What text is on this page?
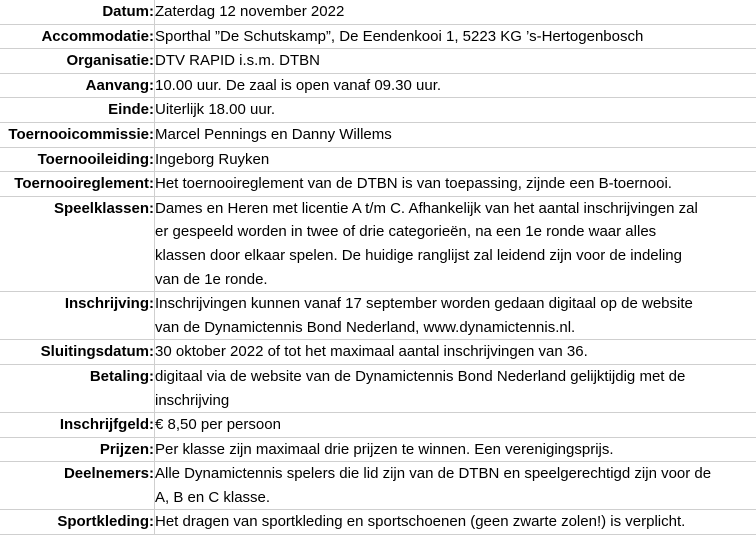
Datum:	Zaterdag 12 november 2022
Accommodatie:	Sporthal ”De Schutskamp”, De Eendenkooi 1, 5223 KG ’s-Hertogenbosch
Organisatie:	DTV RAPID i.s.m. DTBN
Aanvang:	10.00 uur. De zaal is open vanaf 09.30 uur.
Einde:	Uiterlijk 18.00 uur.
Toernooicommissie:	Marcel Pennings en Danny Willems
Toernooileiding:	Ingeborg Ruyken
Toernooireglement:	Het toernooireglement van de DTBN is van toepassing, zijnde een B-toernooi.
Speelklassen:	Dames en Heren met licentie A t/m C. Afhankelijk van het aantal inschrijvingen zal
er gespeeld worden in twee of drie categorieën, na een 1e ronde waar alles
klassen door elkaar spelen. De huidige ranglijst zal leidend zijn voor de indeling
van de 1e ronde.
Inschrijving:	Inschrijvingen kunnen vanaf 17 september worden gedaan digitaal op de website
van de Dynamictennis Bond Nederland, www.dynamictennis.nl.
Sluitingsdatum:	30 oktober 2022 of tot het maximaal aantal inschrijvingen van 36.
Betaling:	digitaal via de website van de Dynamictennis Bond Nederland gelijktijdig met de
inschrijving
Inschrijfgeld:	€ 8,50 per persoon
Prijzen:	Per klasse zijn maximaal drie prijzen te winnen. Een verenigingsprijs.
Deelnemers:	Alle Dynamictennis spelers die lid zijn van de DTBN en speelgerechtigd zijn voor de
A, B en C klasse.
Sportkleding:	Het dragen van sportkleding en sportschoenen (geen zwarte zolen!) is verplicht.
